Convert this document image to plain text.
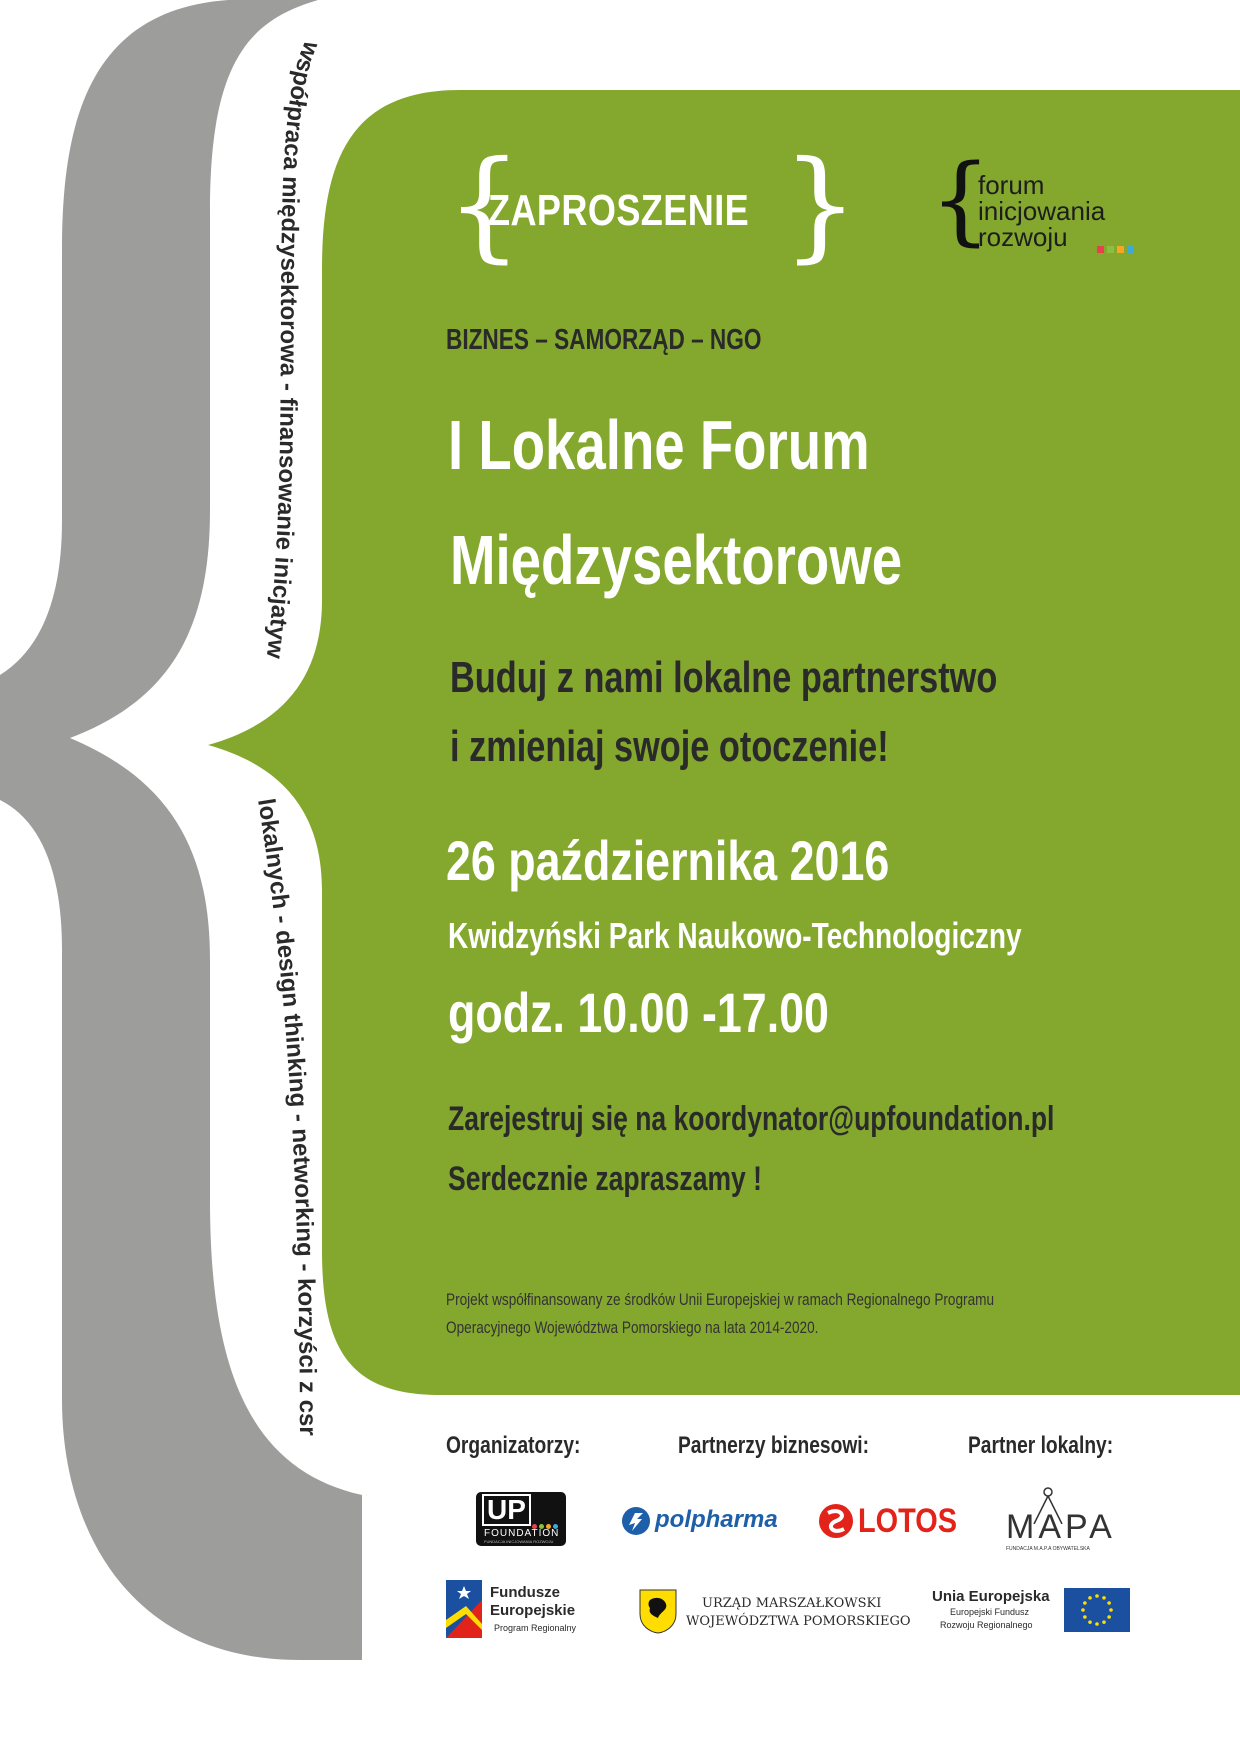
współpraca międzysektorowa - finansowanie inicjatyw
lokalnych - design thinking - networking - korzyści z csr
{
ZAPROSZENIE } {
forum
inicjowania
rozwoju
BIZNES – SAMORZĄD – NGO
I Lokalne Forum
Międzysektorowe
Buduj z nami lokalne partnerstwo
i zmieniaj swoje otoczenie!
26 października 2016
Kwidzyński Park Naukowo-Technologiczny
godz. 10.00 -17.00
Zarejestruj się na koordynator@upfoundation.pl
Serdecznie zapraszamy !
Projekt współfinansowany ze środków Unii Europejskiej w ramach Regionalnego Programu
Operacyjnego Województwa Pomorskiego na lata 2014-2020.
Organizatorzy:	Partnerzy biznesowi:	Partner lokalny:
UP
FOUNDATION
FUNDACJA INICJOWANIA ROZWOJU
polpharma LOTOS MAPA
FUNDACJA M.A.P.A OBYWATELSKA
Fundusze
Europejskie
Program Regionalny
URZĄD MARSZAŁKOWSKI
WOJEWÓDZTWA POMORSKIEGO
Unia Europejska
Europejski Fundusz
Rozwoju Regionalnego
